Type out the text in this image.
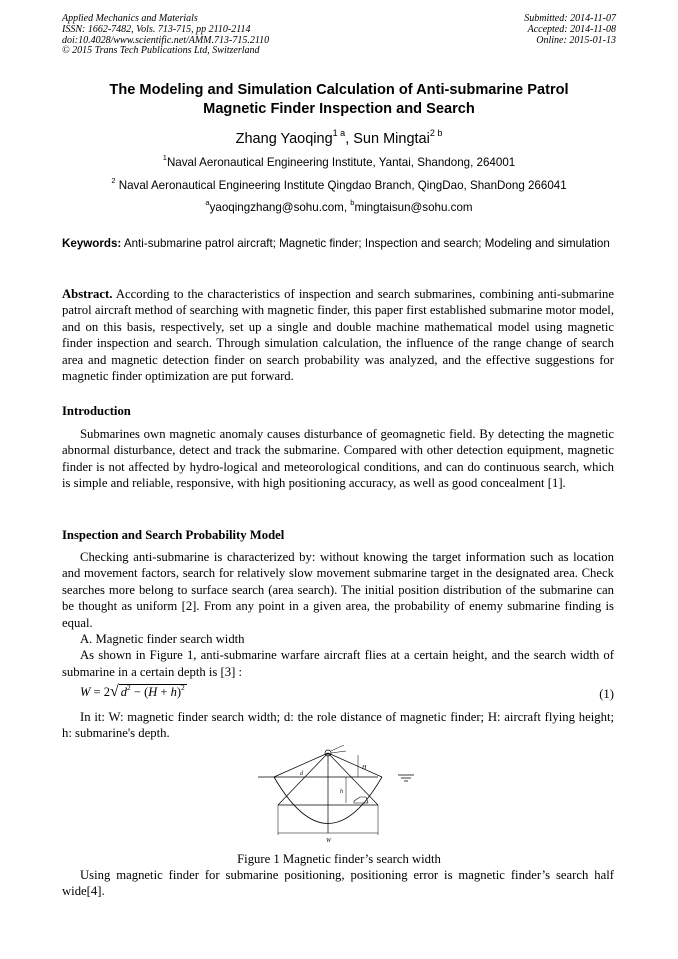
Applied Mechanics and Materials
ISSN: 1662-7482, Vols. 713-715, pp 2110-2114
doi:10.4028/www.scientific.net/AMM.713-715.2110
© 2015 Trans Tech Publications Ltd, Switzerland
Submitted: 2014-11-07
Accepted: 2014-11-08
Online: 2015-01-13
The Modeling and Simulation Calculation of Anti-submarine Patrol
Magnetic Finder Inspection and Search
Zhang Yaoqing$^{1 a}$, Sun Mingtai$^{2 b}$
$^1$Naval Aeronautical Engineering Institute, Yantai, Shandong, 264001
$^2$ Naval Aeronautical Engineering Institute Qingdao Branch, QingDao, ShanDong 266041
$^a$yaoqingzhang@sohu.com, $^b$mingtaisun@sohu.com
Keywords: Anti-submarine patrol aircraft; Magnetic finder; Inspection and search; Modeling and simulation

Abstract. According to the characteristics of inspection and search submarines, combining anti-submarine patrol aircraft method of searching with magnetic finder, this paper first established submarine motor model, and on this basis, respectively, set up a single and double machine mathematical model using magnetic finder inspection and search. Through simulation calculation, the influence of the range change of search area and magnetic detection finder on search probability was analyzed, and the effective suggestions for magnetic finder optimization are put forward.

Introduction

Submarines own magnetic anomaly causes disturbance of geomagnetic field. By detecting the magnetic abnormal disturbance, detect and track the submarine. Compared with other detection equipment, magnetic finder is not affected by hydro-logical and meteorological conditions, and can do continuous search, which is simple and reliable, responsive, with high positioning accuracy, as well as good concealment [1].

Inspection and Search Probability Model

Checking anti-submarine is characterized by: without knowing the target information such as location and movement factors, search for relatively slow movement submarine target in the designated area. Check searches more belong to surface search (area search). The initial position distribution of the submarine can be thought as uniform [2]. From any point in a given area, the probability of enemy submarine finding is equal.

A. Magnetic finder search width

As shown in Figure 1, anti-submarine warfare aircraft flies at a certain height, and the search width of submarine in a certain depth is [3] :

W = 2√ $d^2 - (H + h)^2$	(1)

In it: W: magnetic finder search width; d: the role distance of magnetic finder; H: aircraft flying height; h: submarine's depth.

d
H
h
W
Figure 1 Magnetic finder’s search width

Using magnetic finder for submarine positioning, positioning error is magnetic finder’s search half wide[4].
